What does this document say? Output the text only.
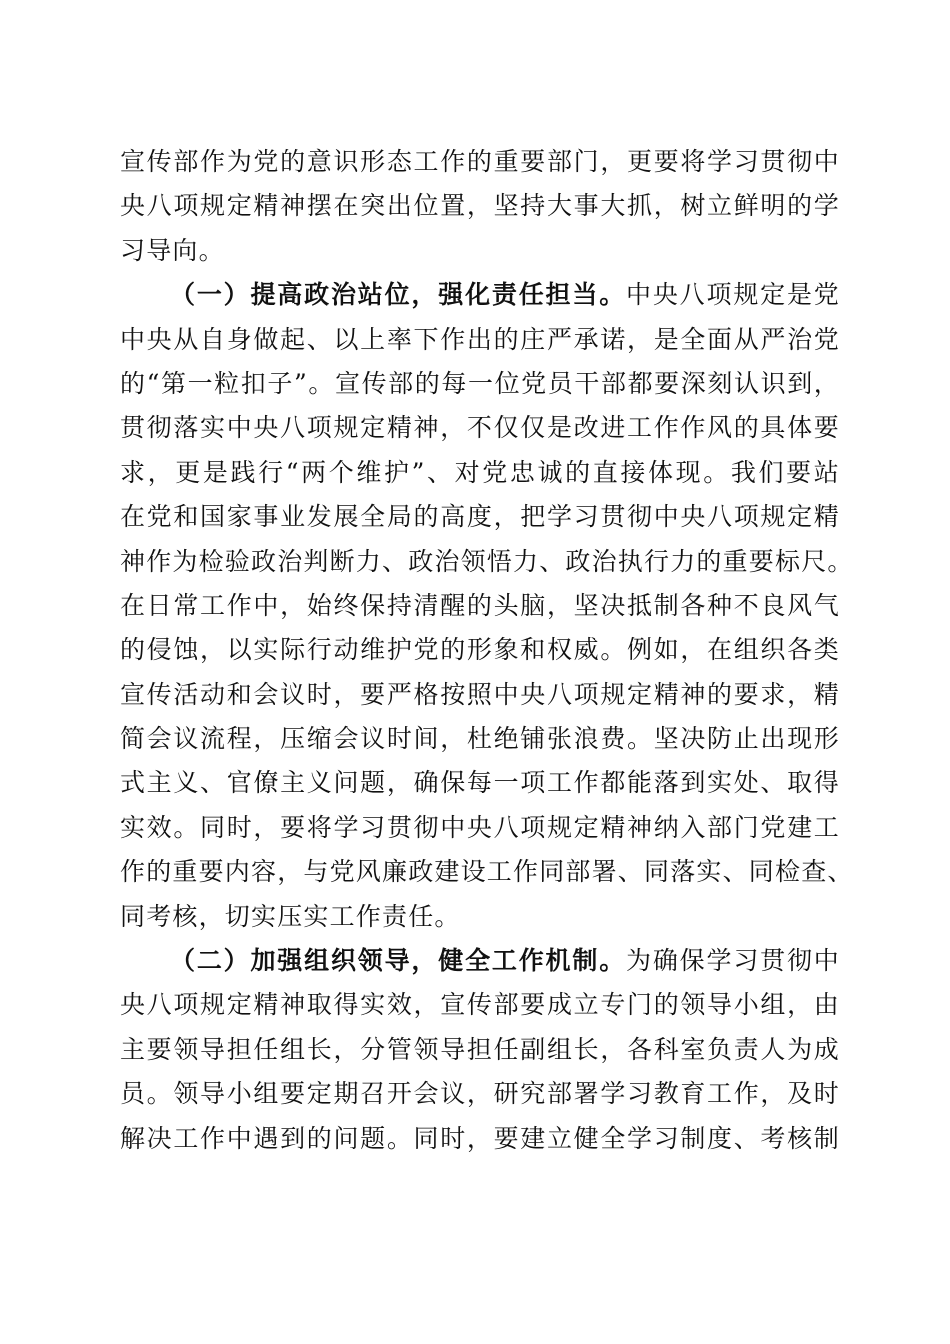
宣传部作为党的意识形态工作的重要部门，更要将学习贯彻中
央八项规定精神摆在突出位置，坚持大事大抓，树立鲜明的学
习导向。
（一）提高政治站位，强化责任担当。中央八项规定是党
中央从自身做起、以上率下作出的庄严承诺，是全面从严治党
的“第一粒扣子”。宣传部的每一位党员干部都要深刻认识到，
贯彻落实中央八项规定精神，不仅仅是改进工作作风的具体要
求，更是践行“两个维护”、对党忠诚的直接体现。我们要站
在党和国家事业发展全局的高度，把学习贯彻中央八项规定精
神作为检验政治判断力、政治领悟力、政治执行力的重要标尺。
在日常工作中，始终保持清醒的头脑，坚决抵制各种不良风气
的侵蚀，以实际行动维护党的形象和权威。例如，在组织各类
宣传活动和会议时，要严格按照中央八项规定精神的要求，精
简会议流程，压缩会议时间，杜绝铺张浪费。坚决防止出现形
式主义、官僚主义问题，确保每一项工作都能落到实处、取得
实效。同时，要将学习贯彻中央八项规定精神纳入部门党建工
作的重要内容，与党风廉政建设工作同部署、同落实、同检查、
同考核，切实压实工作责任。
（二）加强组织领导，健全工作机制。为确保学习贯彻中
央八项规定精神取得实效，宣传部要成立专门的领导小组，由
主要领导担任组长，分管领导担任副组长，各科室负责人为成
员。领导小组要定期召开会议，研究部署学习教育工作，及时
解决工作中遇到的问题。同时，要建立健全学习制度、考核制
